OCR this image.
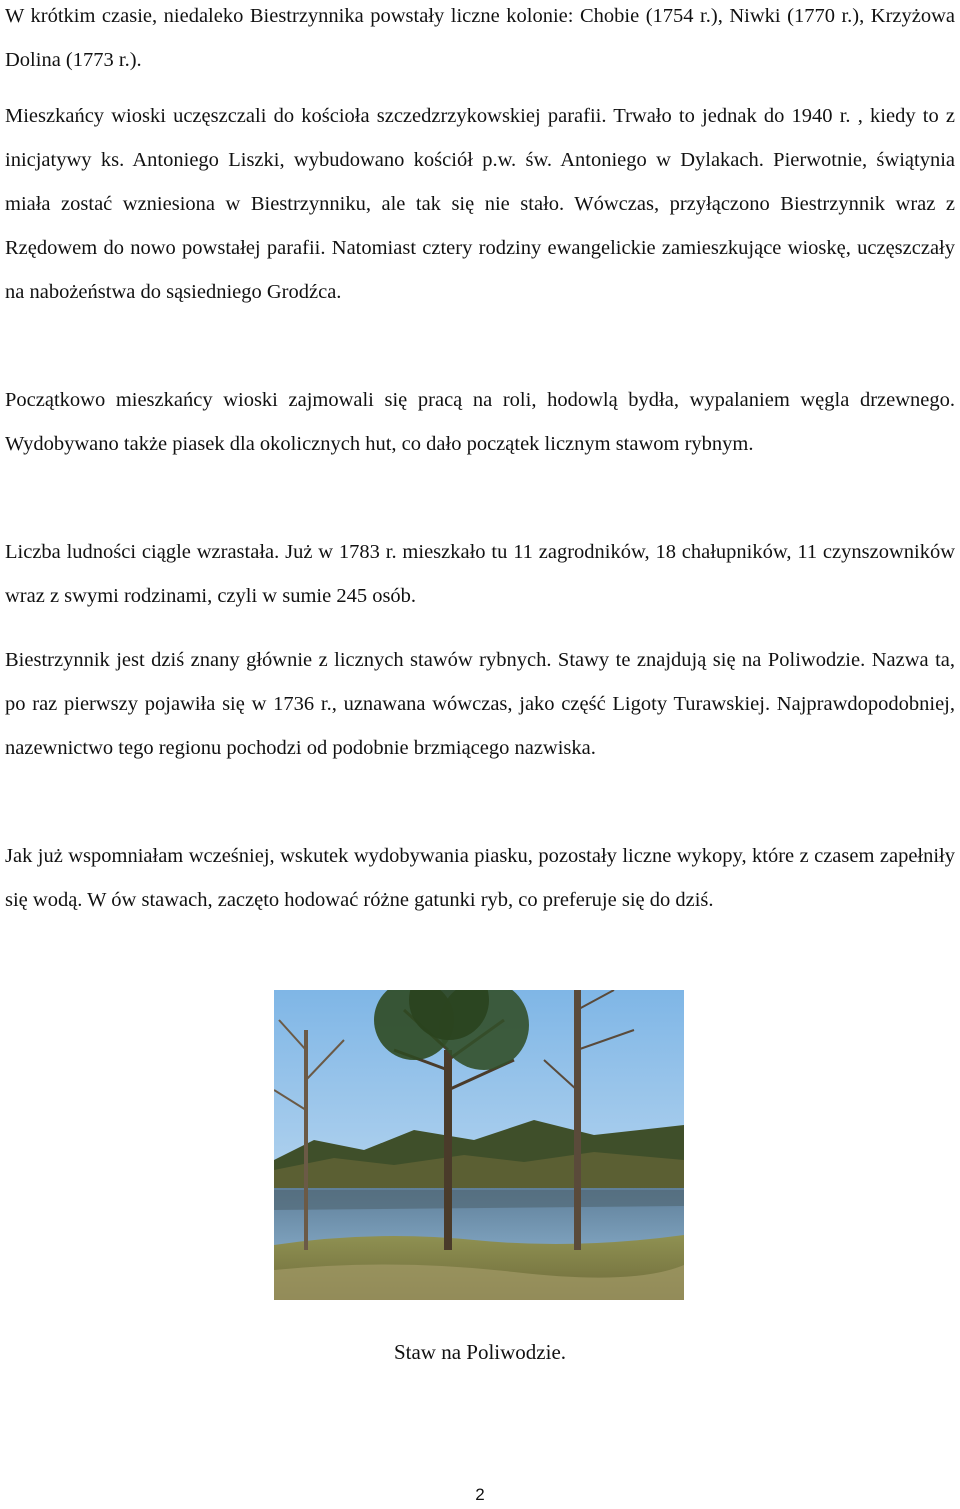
W krótkim czasie, niedaleko Biestrzynnika powstały liczne kolonie: Chobie (1754 r.), Niwki (1770 r.), Krzyżowa Dolina (1773 r.).

Mieszkańcy wioski uczęszczali do kościoła szczedzrzykowskiej parafii. Trwało to jednak do 1940 r. , kiedy to z inicjatywy ks. Antoniego Liszki, wybudowano kościół p.w. św. Antoniego w Dylakach. Pierwotnie, świątynia miała zostać wzniesiona w Biestrzynniku, ale tak się nie stało. Wówczas, przyłączono Biestrzynnik wraz z Rzędowem do nowo powstałej parafii. Natomiast cztery rodziny ewangelickie zamieszkujące wioskę, uczęszczały na nabożeństwa do sąsiedniego Grodźca.

Początkowo mieszkańcy wioski zajmowali się pracą na roli, hodowlą bydła, wypalaniem węgla drzewnego. Wydobywano także piasek dla okolicznych hut, co dało początek licznym stawom rybnym.

Liczba ludności ciągle wzrastała. Już w 1783 r. mieszkało tu 11 zagrodników, 18 chałupników, 11 czynszowników wraz z swymi rodzinami, czyli w sumie 245 osób.

Biestrzynnik jest dziś znany głównie z licznych stawów rybnych. Stawy te znajdują się na Poliwodzie. Nazwa ta, po raz pierwszy pojawiła się w 1736 r., uznawana wówczas, jako część Ligoty Turawskiej. Najprawdopodobniej, nazewnictwo tego regionu pochodzi od podobnie brzmiącego nazwiska.

Jak już wspomniałam wcześniej, wskutek wydobywania piasku, pozostały liczne wykopy, które z czasem zapełniły się wodą. W ów stawach, zaczęto hodować różne gatunki ryb, co preferuje się do dziś.

Staw na Poliwodzie.
2
